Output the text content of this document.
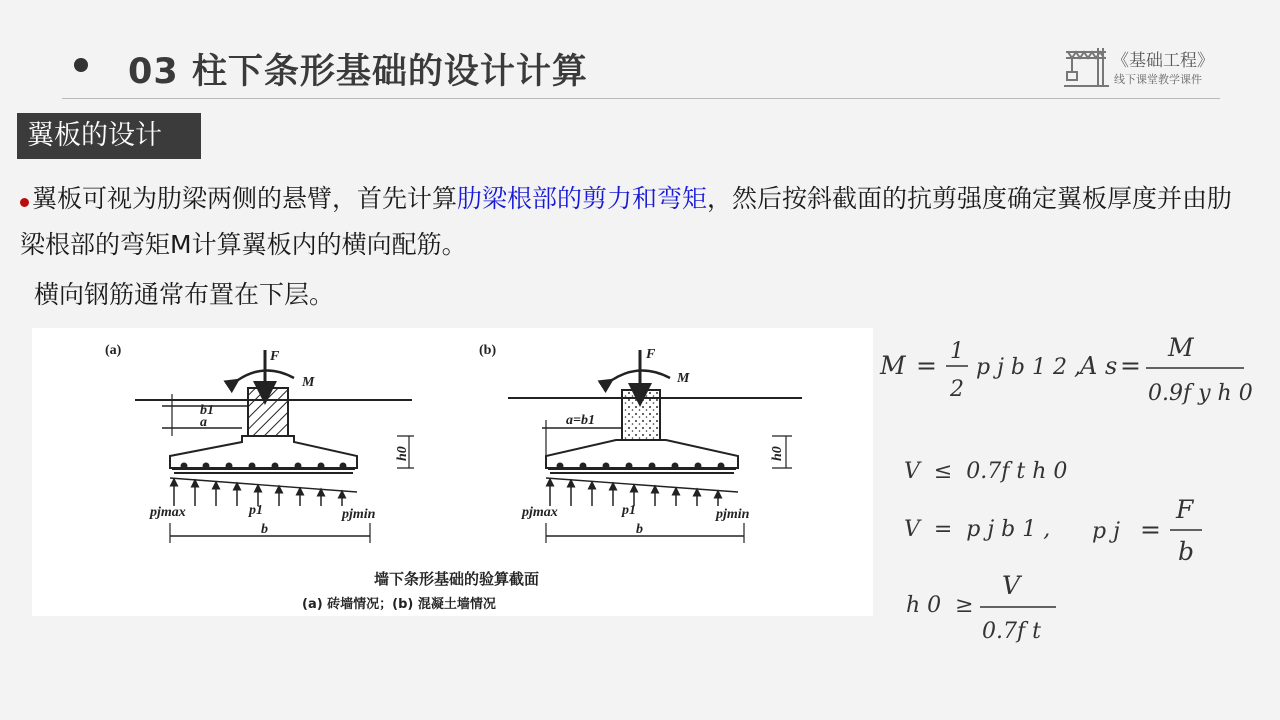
03 柱下条形基础的设计计算	《基础工程》
线下课堂教学课件
翼板的设计
翼板可视为肋梁两侧的悬臂，首先计算肋梁根部的剪力和弯矩，然后按斜截面的抗剪强度确定翼板厚度并由肋梁根部的弯矩M计算翼板内的横向配筋。
横向钢筋通常布置在下层。
(a)	F
M
b1
a
h0
pjmax	p1	pjmin
b
(b)	F
M
a=b1
h0
pjmax	p1	pjmin
b
墙下条形基础的验算截面
(a) 砖墙情况；(b) 混凝土墙情况
M = 1
2
p j b 1 2 , A s =
M
0.9f y h 0
V  ≤  0.7f t h 0
V  =  p j b 1 , p j =
F
b
h 0  ≥
V
0.7f t
